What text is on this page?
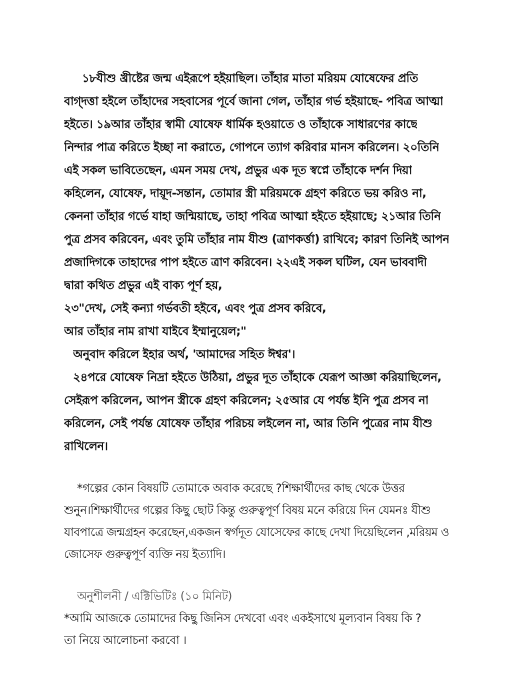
১৮যীশু খ্রীষ্টের জন্ম এইরূপে হইয়াছিল। তাঁহার মাতা মরিয়ম যোষেফের প্রতি
বাগ্‌দত্তা হইলে তাঁহাদের সহবাসের পূর্বে জানা গেল, তাঁহার গর্ভ হইয়াছে- পবিত্র আত্মা
হইতে। ১৯আর তাঁহার স্বামী যোষেফ ধার্মিক হওয়াতে ও তাঁহাকে সাধারণের কাছে
নিন্দার পাত্র করিতে ইচ্ছা না করাতে, গোপনে ত্যাগ করিবার মানস করিলেন। ২০তিনি
এই সকল ভাবিতেছেন, এমন সময় দেখ, প্রভুর এক দূত স্বপ্নে তাঁহাকে দর্শন দিয়া
কহিলেন, যোষেফ, দায়ূদ-সন্তান, তোমার স্ত্রী মরিয়মকে গ্রহণ করিতে ভয় করিও না,
কেননা তাঁহার গর্ভে যাহা জন্মিয়াছে, তাহা পবিত্র আত্মা হইতে হইয়াছে; ২১আর তিনি
পুত্র প্রসব করিবেন, এবং তুমি তাঁহার নাম যীশু (ত্রাণকর্ত্তা) রাখিবে; কারণ তিনিই আপন
প্রজাদিগকে তাহাদের পাপ হইতে ত্রাণ করিবেন। ২২এই সকল ঘটিল, যেন ভাববাদী
দ্বারা কথিত প্রভুর এই বাক্য পূর্ণ হয়,
২৩"দেখ, সেই কন্যা গর্ভবতী হইবে, এবং পুত্র প্রসব করিবে,
আর তাঁহার নাম রাখা যাইবে ইম্মানুয়েল;"
অনুবাদ করিলে ইহার অর্থ, 'আমাদের সহিত ঈশ্বর'।
২৪পরে যোষেফ নিদ্রা হইতে উঠিয়া, প্রভুর দূত তাঁহাকে যেরূপ আজ্ঞা করিয়াছিলেন,
সেইরূপ করিলেন, আপন স্ত্রীকে গ্রহণ করিলেন; ২৫আর যে পর্যন্ত ইনি পুত্র প্রসব না
করিলেন, সেই পর্যন্ত যোষেফ তাঁহার পরিচয় লইলেন না, আর তিনি পুত্রের নাম যীশু
রাখিলেন।
*গল্পের কোন বিষয়টি তোমাকে অবাক করেছে ?শিক্ষার্থীদের কাছ থেকে উত্তর
শুনুন।শিক্ষার্থীদের গল্পের কিছু ছোট কিন্তু গুরুত্বপূর্ণ বিষয় মনে করিয়ে দিন যেমনঃ যীশু
যাবপাত্রে জন্মগ্রহন করেছেন,একজন স্বর্গদূত যোসেফের কাছে দেখা দিয়েছিলেন ,মরিয়ম ও
জোসেফ গুরুত্বপূর্ণ ব্যক্তি নয় ইত্যাদি।
অনুশীলনী / এক্টিভিটিঃ (১০ মিনিট)
*আমি আজকে তোমাদের কিছু জিনিস দেখবো এবং একইসাথে মূল্যবান বিষয় কি ?
তা নিয়ে আলোচনা করবো ।
